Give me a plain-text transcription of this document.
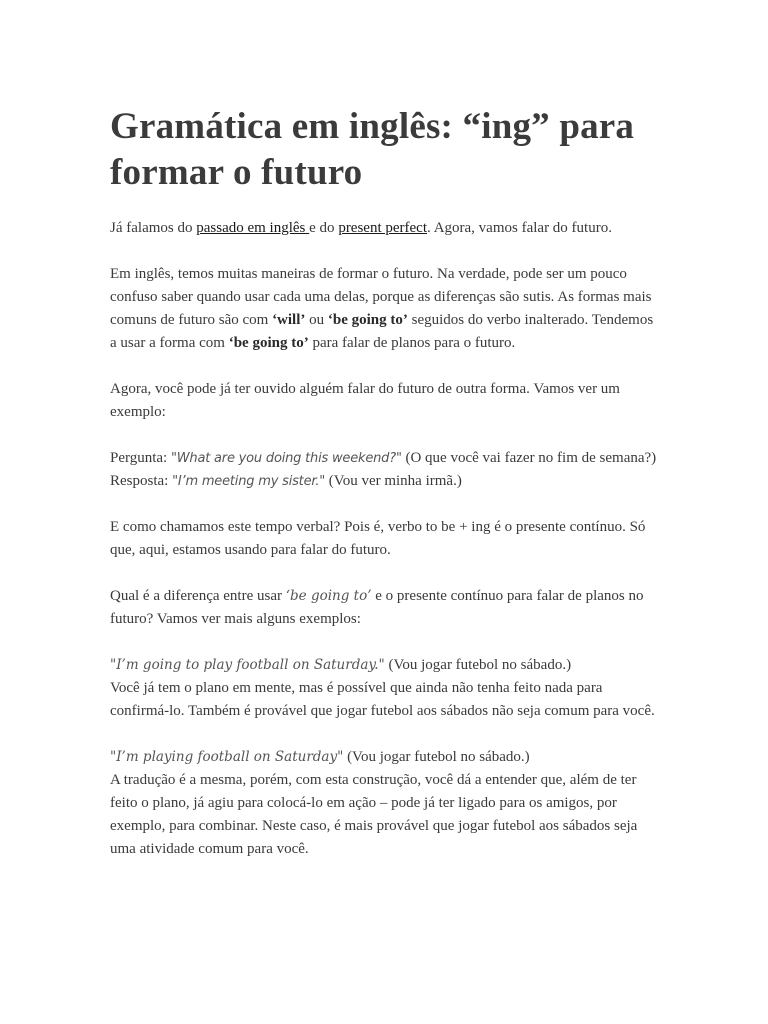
Gramática em inglês: “ing” para formar o futuro

Já falamos do passado em inglês e do present perfect. Agora, vamos falar do futuro.

Em inglês, temos muitas maneiras de formar o futuro. Na verdade, pode ser um pouco confuso saber quando usar cada uma delas, porque as diferenças são sutis. As formas mais comuns de futuro são com ‘will’ ou ‘be going to’ seguidos do verbo inalterado. Tendemos a usar a forma com ‘be going to’ para falar de planos para o futuro.

Agora, você pode já ter ouvido alguém falar do futuro de outra forma. Vamos ver um exemplo:

Pergunta: "What are you doing this weekend?" (O que você vai fazer no fim de semana?)
Resposta: "I’m meeting my sister." (Vou ver minha irmã.)

E como chamamos este tempo verbal? Pois é, verbo to be + ing é o presente contínuo. Só que, aqui, estamos usando para falar do futuro.

Qual é a diferença entre usar ‘be going to’ e o presente contínuo para falar de planos no futuro? Vamos ver mais alguns exemplos:

"I’m going to play football on Saturday." (Vou jogar futebol no sábado.)
Você já tem o plano em mente, mas é possível que ainda não tenha feito nada para confirmá-lo. Também é provável que jogar futebol aos sábados não seja comum para você.

"I’m playing football on Saturday" (Vou jogar futebol no sábado.)
A tradução é a mesma, porém, com esta construção, você dá a entender que, além de ter feito o plano, já agiu para colocá-lo em ação – pode já ter ligado para os amigos, por exemplo, para combinar. Neste caso, é mais provável que jogar futebol aos sábados seja uma atividade comum para você.
